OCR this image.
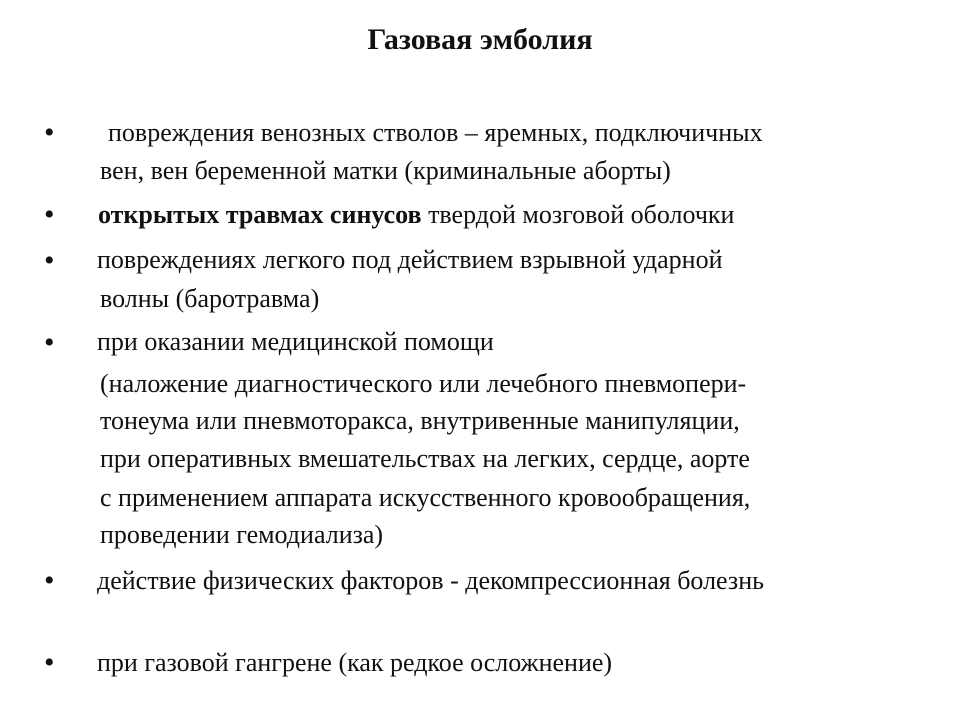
Газовая эмболия
• повреждения венозных стволов – яремных, подключичных
вен, вен беременной матки (криминальные аборты)
• открытых травмах синусов твердой мозговой оболочки
• повреждениях легкого под действием взрывной ударной
волны (баротравма)
• при оказании медицинской помощи
(наложение диагностического или лечебного пневмопери-
тонеума или пневмоторакса, внутривенные манипуляции,
при оперативных вмешательствах на легких, сердце, аорте
с применением аппарата искусственного кровообращения,
проведении гемодиализа)
• действие физических факторов - декомпрессионная болезнь
• при газовой гангрене (как редкое осложнение)
